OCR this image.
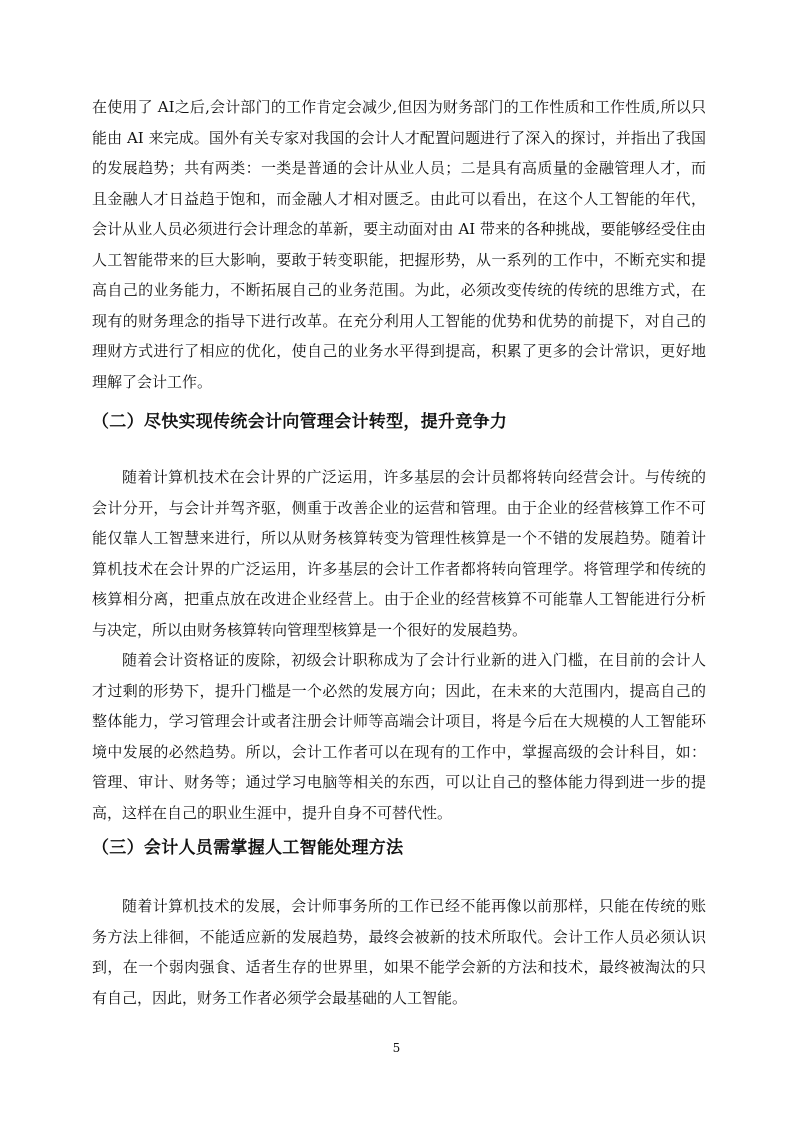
在使用了 AI之后,会计部门的工作肯定会减少,但因为财务部门的工作性质和工作性质,所以只能由 AI 来完成。国外有关专家对我国的会计人才配置问题进行了深入的探讨，并指出了我国的发展趋势；共有两类：一类是普通的会计从业人员；二是具有高质量的金融管理人才，而且金融人才日益趋于饱和，而金融人才相对匮乏。由此可以看出，在这个人工智能的年代，会计从业人员必须进行会计理念的革新，要主动面对由 AI 带来的各种挑战，要能够经受住由人工智能带来的巨大影响，要敢于转变职能，把握形势，从一系列的工作中，不断充实和提高自己的业务能力，不断拓展自己的业务范围。为此，必须改变传统的传统的思维方式，在现有的财务理念的指导下进行改革。在充分利用人工智能的优势和优势的前提下，对自己的理财方式进行了相应的优化，使自己的业务水平得到提高，积累了更多的会计常识，更好地理解了会计工作。

（二）尽快实现传统会计向管理会计转型，提升竞争力

随着计算机技术在会计界的广泛运用，许多基层的会计员都将转向经营会计。与传统的会计分开，与会计并驾齐驱，侧重于改善企业的运营和管理。由于企业的经营核算工作不可能仅靠人工智慧来进行，所以从财务核算转变为管理性核算是一个不错的发展趋势。随着计算机技术在会计界的广泛运用，许多基层的会计工作者都将转向管理学。将管理学和传统的核算相分离，把重点放在改进企业经营上。由于企业的经营核算不可能靠人工智能进行分析与决定，所以由财务核算转向管理型核算是一个很好的发展趋势。

随着会计资格证的废除，初级会计职称成为了会计行业新的进入门槛，在目前的会计人才过剩的形势下，提升门槛是一个必然的发展方向；因此，在未来的大范围内，提高自己的整体能力，学习管理会计或者注册会计师等高端会计项目，将是今后在大规模的人工智能环境中发展的必然趋势。所以，会计工作者可以在现有的工作中，掌握高级的会计科目，如：管理、审计、财务等；通过学习电脑等相关的东西，可以让自己的整体能力得到进一步的提高，这样在自己的职业生涯中，提升自身不可替代性。

（三）会计人员需掌握人工智能处理方法

随着计算机技术的发展，会计师事务所的工作已经不能再像以前那样，只能在传统的账务方法上徘徊，不能适应新的发展趋势，最终会被新的技术所取代。会计工作人员必须认识到，在一个弱肉强食、适者生存的世界里，如果不能学会新的方法和技术，最终被淘汰的只有自己，因此，财务工作者必须学会最基础的人工智能。

5
